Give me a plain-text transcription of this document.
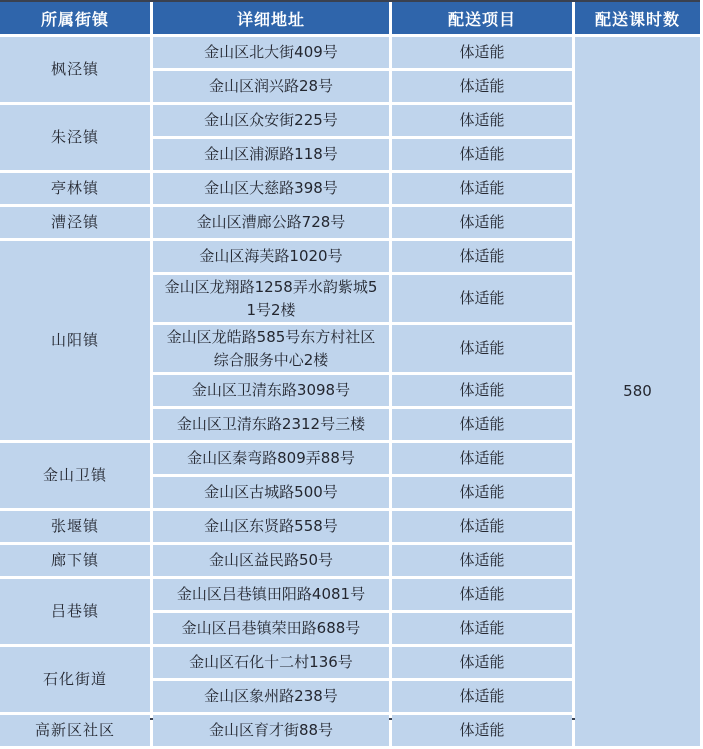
所属街镇	详细地址	配送项目	配送课时数
枫泾镇	金山区北大街409号	体适能	580
	金山区润兴路28号	体适能	
朱泾镇	金山区众安街225号	体适能	
	金山区浦源路118号	体适能	
亭林镇	金山区大慈路398号	体适能	
漕泾镇	金山区漕廊公路728号	体适能	
山阳镇	金山区海芙路1020号	体适能	
	金山区龙翔路1258弄水韵紫城51号2楼	体适能	
	金山区龙皓路585号东方村社区综合服务中心2楼	体适能	
	金山区卫清东路3098号	体适能	
	金山区卫清东路2312号三楼	体适能	
金山卫镇	金山区秦弯路809弄88号	体适能	
	金山区古城路500号	体适能	
张堰镇	金山区东贤路558号	体适能	
廊下镇	金山区益民路50号	体适能	
吕巷镇	金山区吕巷镇田阳路4081号	体适能	
	金山区吕巷镇荣田路688号	体适能	
石化街道	金山区石化十二村136号	体适能	
	金山区象州路238号	体适能	
高新区社区	金山区育才街88号	体适能	
